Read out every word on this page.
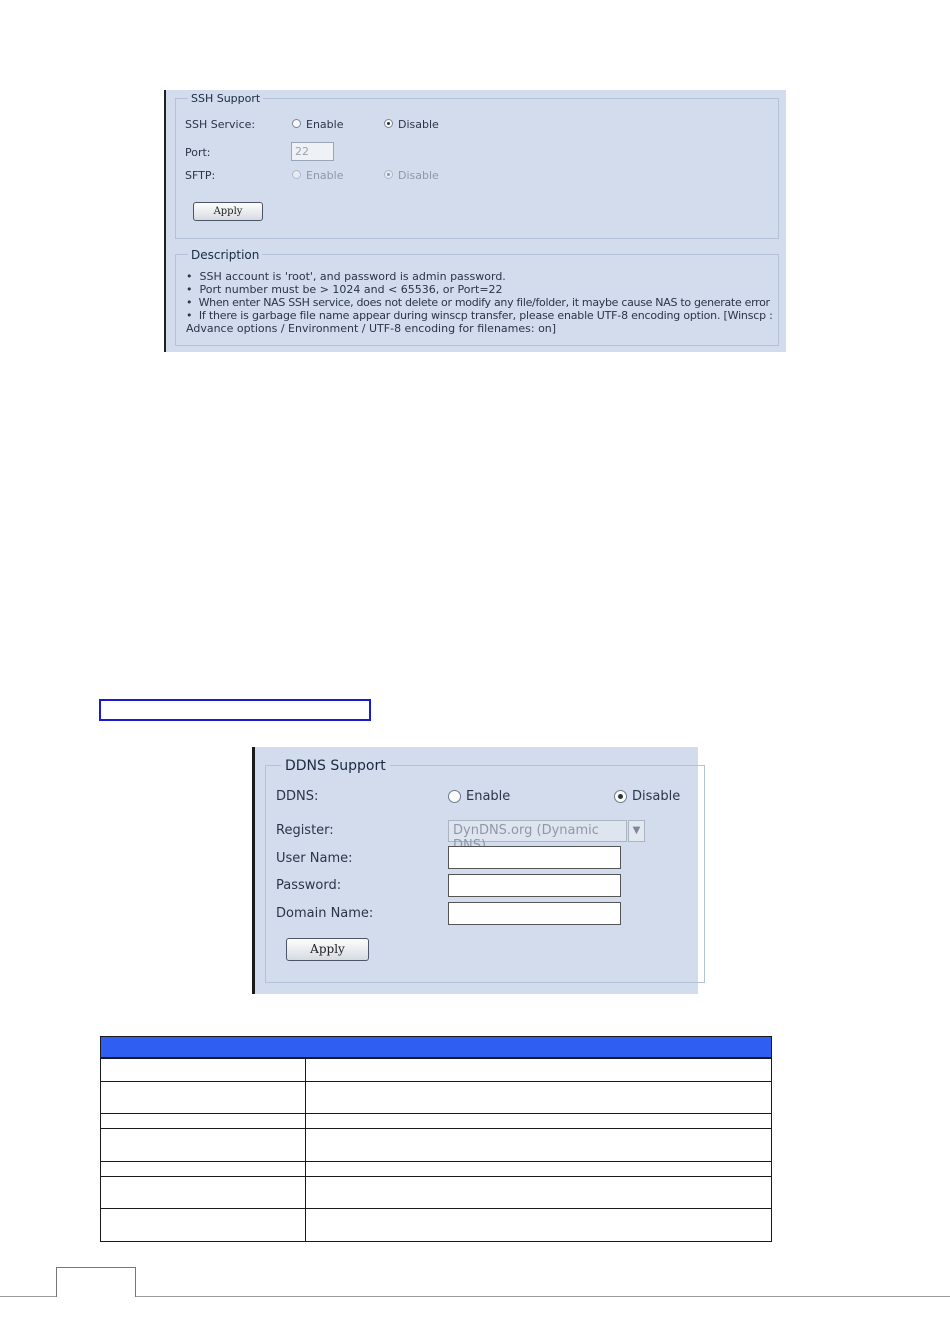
SSH Support
SSH Service:	Enable	Disable
Port:	22
SFTP:	Enable	Disable
Apply
Description
•  SSH account is 'root', and password is admin password.
•  Port number must be > 1024 and < 65536, or Port=22
•  When enter NAS SSH service, does not delete or modify any file/folder, it maybe cause NAS to generate error
•  If there is garbage file name appear during winscp transfer, please enable UTF-8 encoding option. [Winscp :
Advance options / Environment / UTF-8 encoding for filenames: on]
DDNS Support
DDNS:	Enable	Disable
Register:	DynDNS.org (Dynamic	▼
User Name:
Password:
Domain Name:
Apply
